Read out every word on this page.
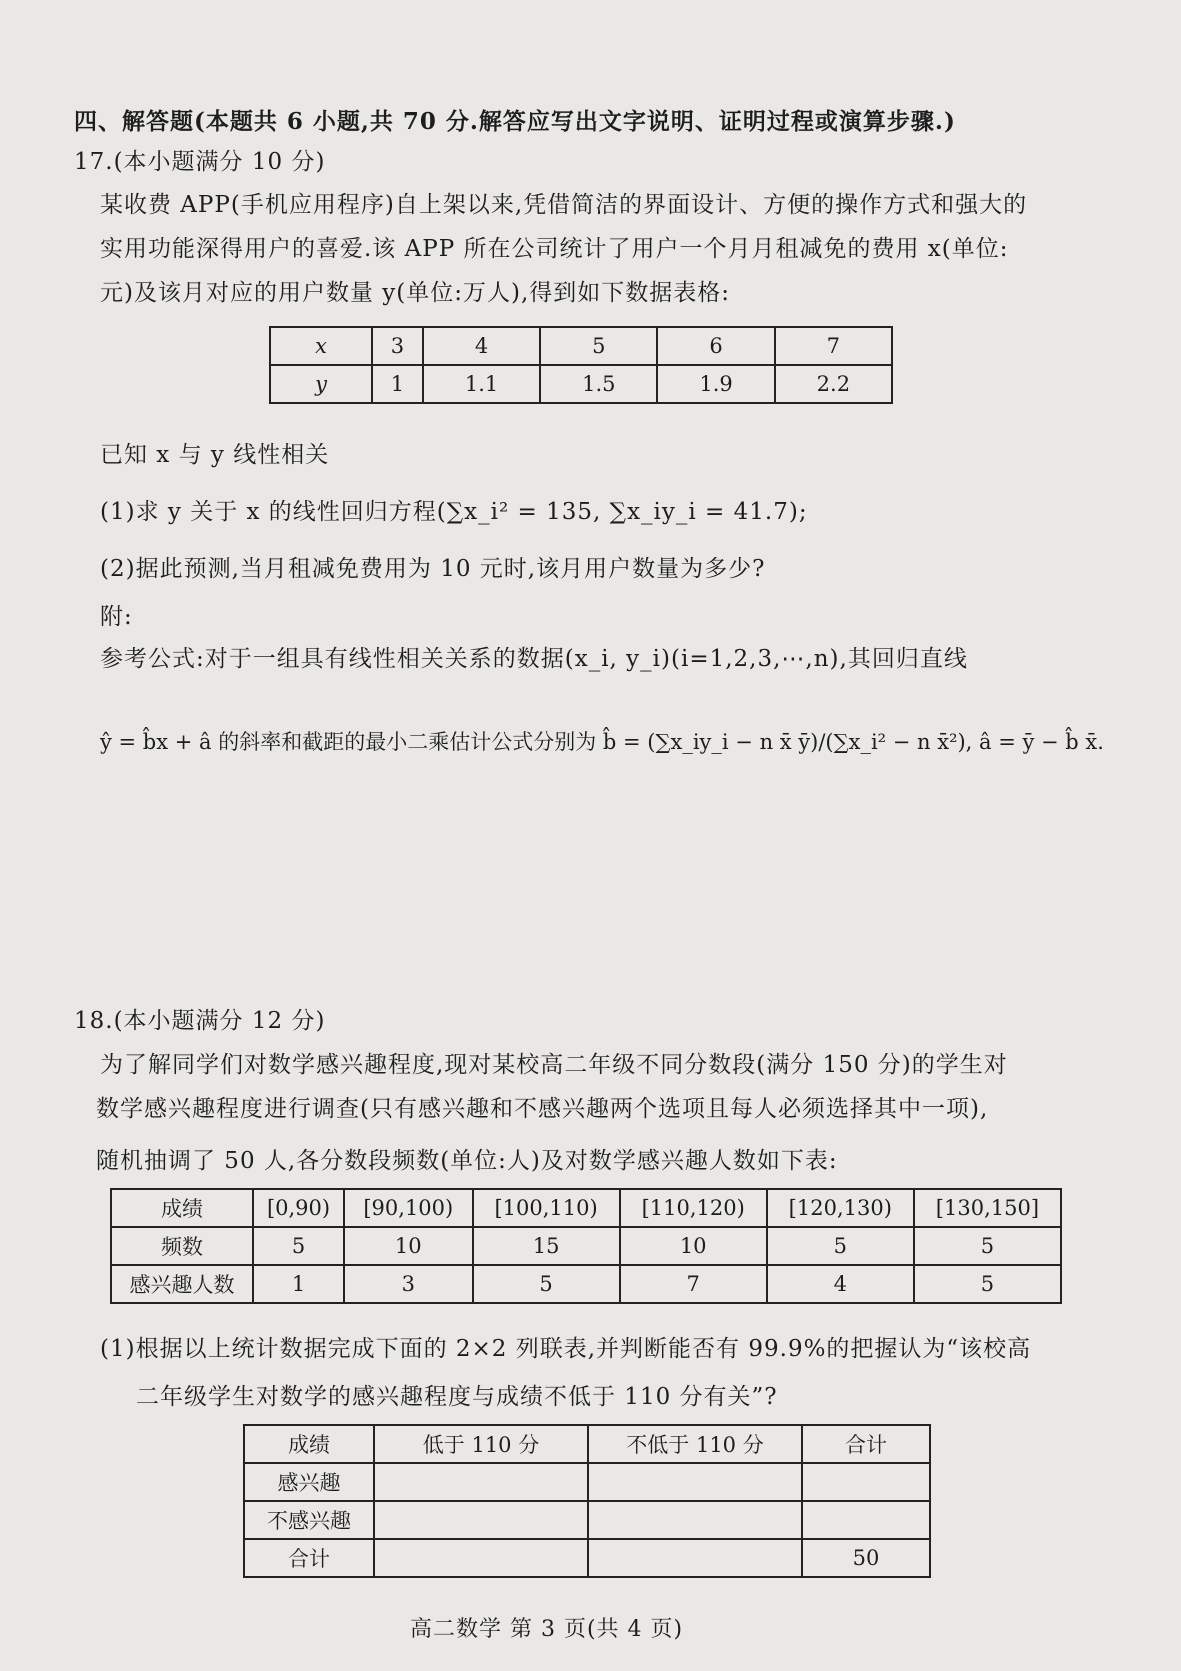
四、解答题(本题共 6 小题,共 70 分.解答应写出文字说明、证明过程或演算步骤.)
17.(本小题满分 10 分)
某收费 APP(手机应用程序)自上架以来,凭借简洁的界面设计、方便的操作方式和强大的
实用功能深得用户的喜爱.该 APP 所在公司统计了用户一个月月租减免的费用 x(单位:
元)及该月对应的用户数量 y(单位:万人),得到如下数据表格:
x	3	4	5	6	7
y	1	1.1	1.5	1.9	2.2
已知 x 与 y 线性相关
(1)求 y 关于 x 的线性回归方程(∑x_i² = 135, ∑x_iy_i = 41.7);
(2)据此预测,当月租减免费用为 10 元时,该月用户数量为多少?
附:
参考公式:对于一组具有线性相关关系的数据(x_i, y_i)(i=1,2,3,⋯,n),其回归直线
ŷ = b̂x + â 的斜率和截距的最小二乘估计公式分别为 b̂ = (∑x_iy_i − n x̄ ȳ)/(∑x_i² − n x̄²), â = ȳ − b̂ x̄.
18.(本小题满分 12 分)
为了解同学们对数学感兴趣程度,现对某校高二年级不同分数段(满分 150 分)的学生对
数学感兴趣程度进行调查(只有感兴趣和不感兴趣两个选项且每人必须选择其中一项),
随机抽调了 50 人,各分数段频数(单位:人)及对数学感兴趣人数如下表:
成绩	[0,90)	[90,100)	[100,110)	[110,120)	[120,130)	[130,150]
频数	5	10	15	10	5	5
感兴趣人数	1	3	5	7	4	5
(1)根据以上统计数据完成下面的 2×2 列联表,并判断能否有 99.9%的把握认为“该校高
二年级学生对数学的感兴趣程度与成绩不低于 110 分有关”?
成绩	低于 110 分	不低于 110 分	合计
感兴趣			
不感兴趣			
合计			50
高二数学 第 3 页(共 4 页)
